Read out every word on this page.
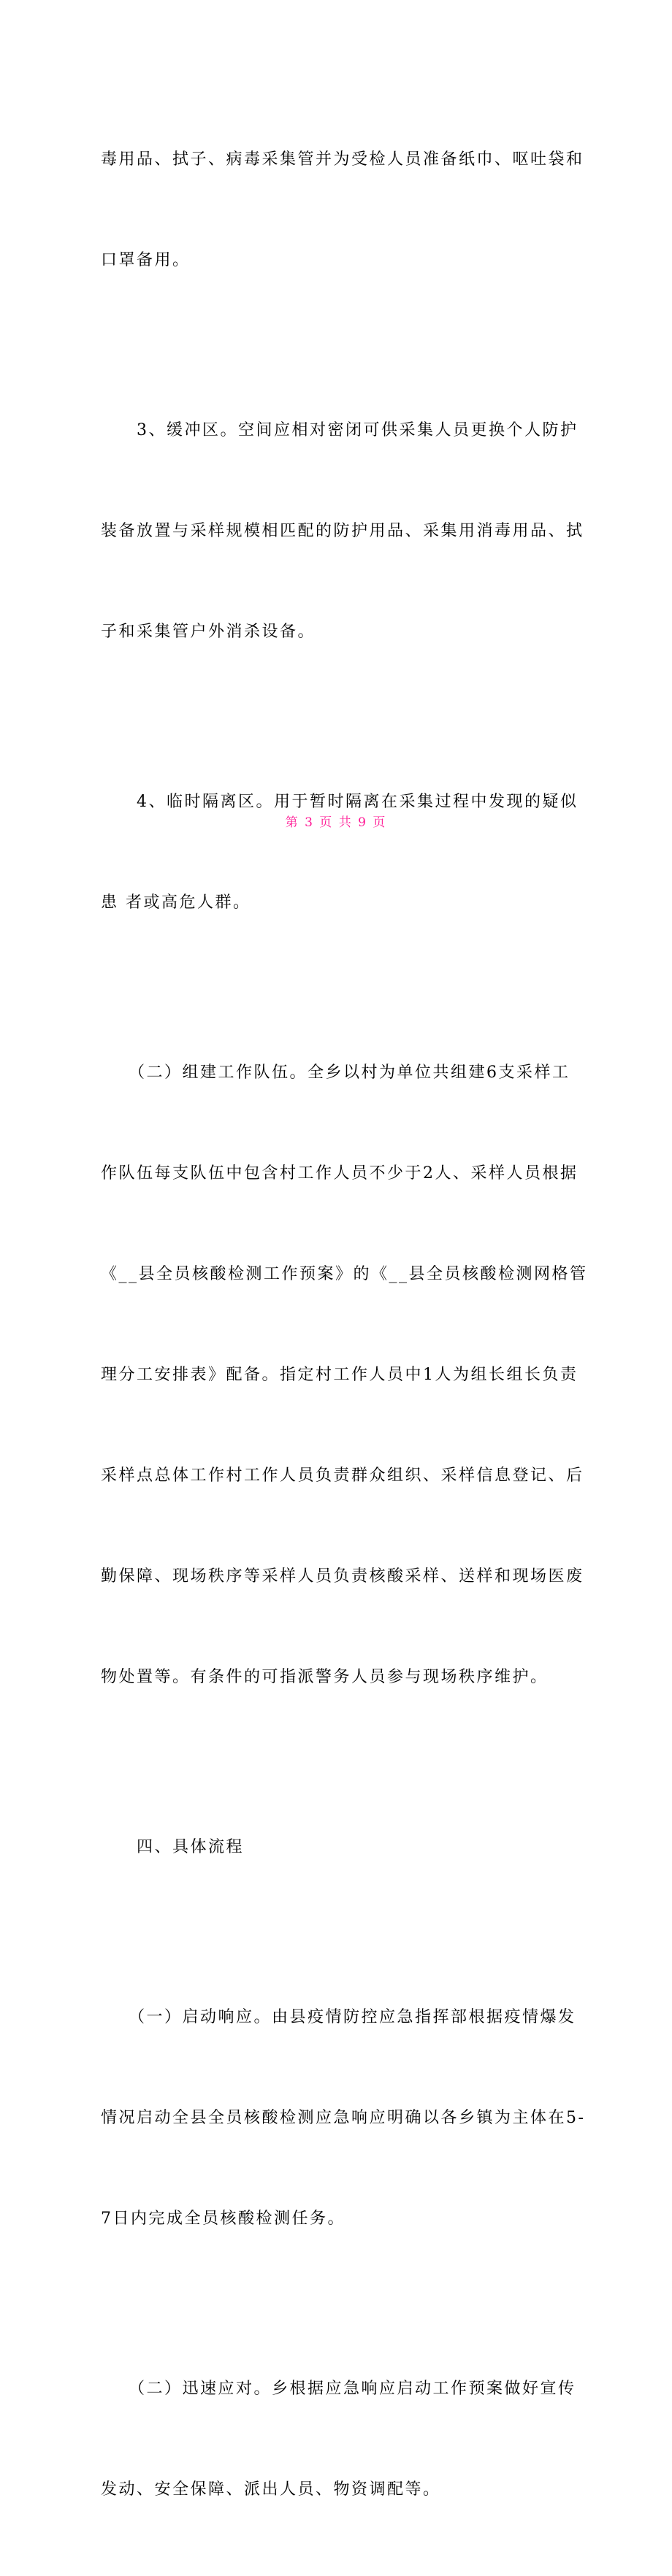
毒用品、拭子、病毒采集管并为受检人员准备纸巾、呕吐袋和

口罩备用。

　　3、缓冲区。空间应相对密闭可供采集人员更换个人防护

装备放置与采样规模相匹配的防护用品、采集用消毒用品、拭

子和采集管户外消杀设备。

　　4、临时隔离区。用于暂时隔离在采集过程中发现的疑似

患 者或高危人群。

　　（二）组建工作队伍。全乡以村为单位共组建6支采样工

作队伍每支队伍中包含村工作人员不少于2人、采样人员根据

《__县全员核酸检测工作预案》的《__县全员核酸检测网格管

理分工安排表》配备。指定村工作人员中1人为组长组长负责

采样点总体工作村工作人员负责群众组织、采样信息登记、后

勤保障、现场秩序等采样人员负责核酸采样、送样和现场医废

物处置等。有条件的可指派警务人员参与现场秩序维护。

　　四、具体流程

　　（一）启动响应。由县疫情防控应急指挥部根据疫情爆发

情况启动全县全员核酸检测应急响应明确以各乡镇为主体在5-

7日内完成全员核酸检测任务。

　　（二）迅速应对。乡根据应急响应启动工作预案做好宣传

发动、安全保障、派出人员、物资调配等。

第 3 页 共 9 页
